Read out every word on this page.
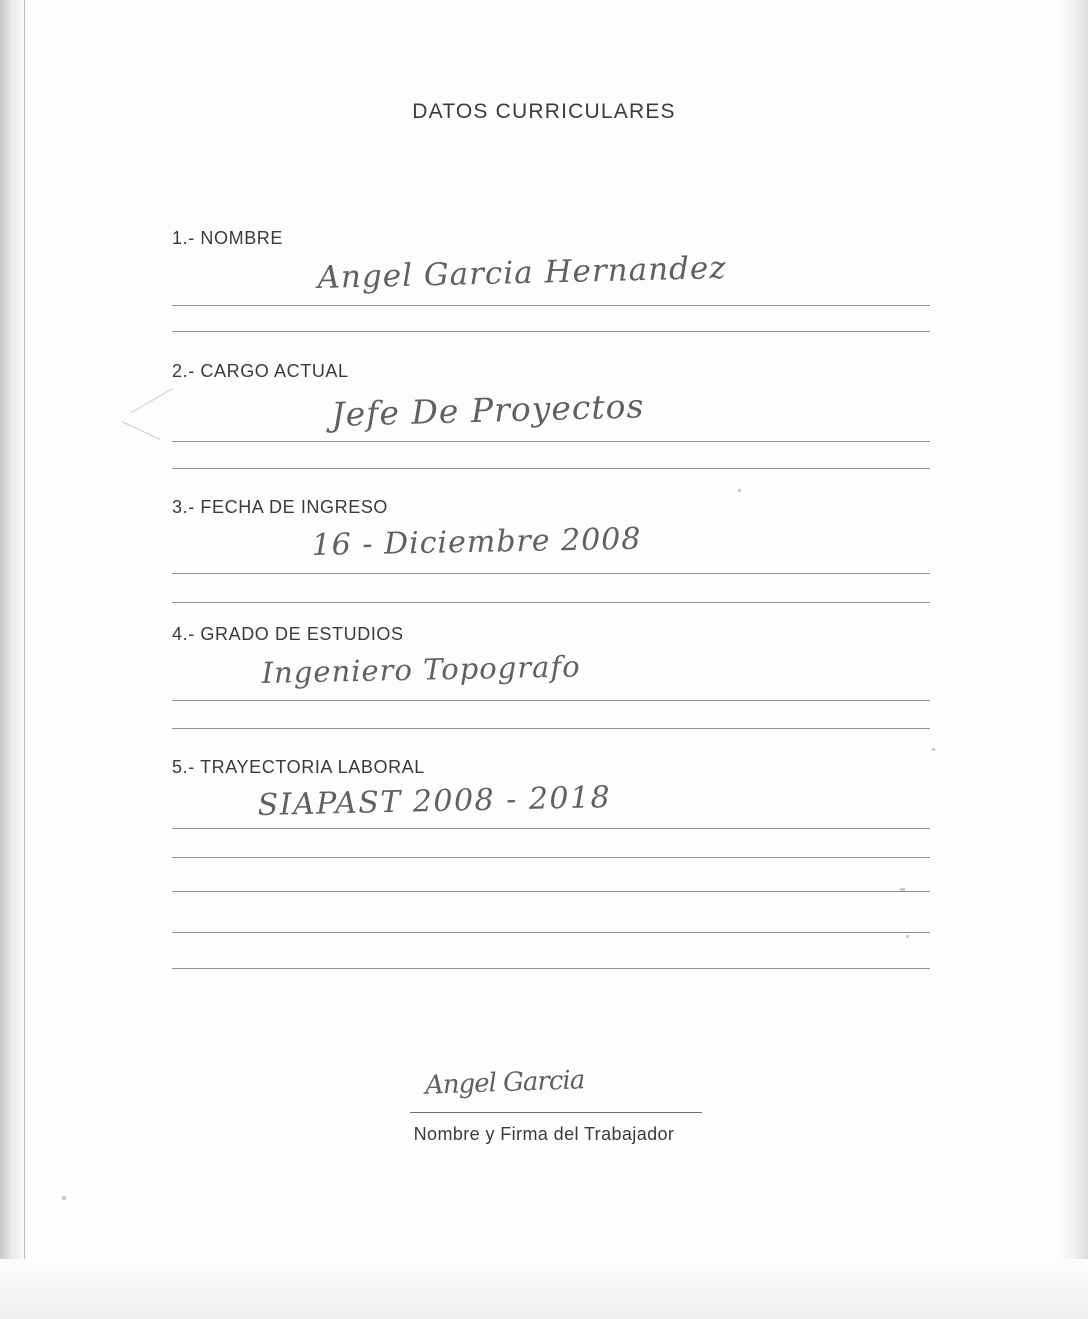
DATOS CURRICULARES
1.- NOMBRE
Angel Garcia Hernandez
2.- CARGO ACTUAL
Jefe De Proyectos
3.- FECHA DE INGRESO
16 - Diciembre 2008
4.- GRADO DE ESTUDIOS
Ingeniero Topografo
5.- TRAYECTORIA LABORAL
SIAPAST 2008 - 2018
Angel Garcia
Nombre y Firma del Trabajador
